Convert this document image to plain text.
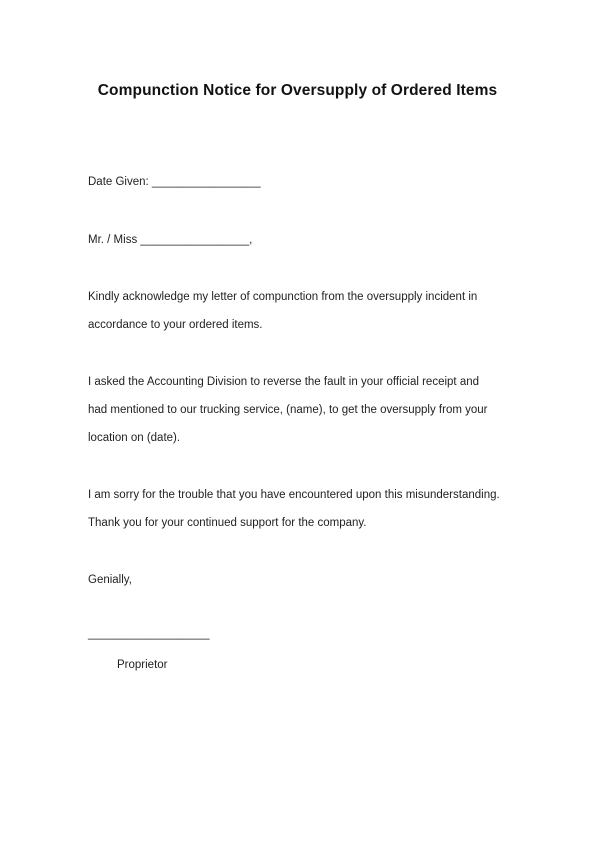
Compunction Notice for Oversupply of Ordered Items
Date Given: _________________
Mr. / Miss _________________,
Kindly acknowledge my letter of compunction from the oversupply incident in
accordance to your ordered items.
I asked the Accounting Division to reverse the fault in your official receipt and
had mentioned to our trucking service, (name), to get the oversupply from your
location on (date).
I am sorry for the trouble that you have encountered upon this misunderstanding.
Thank you for your continued support for the company.
Genially,
___________________
Proprietor
